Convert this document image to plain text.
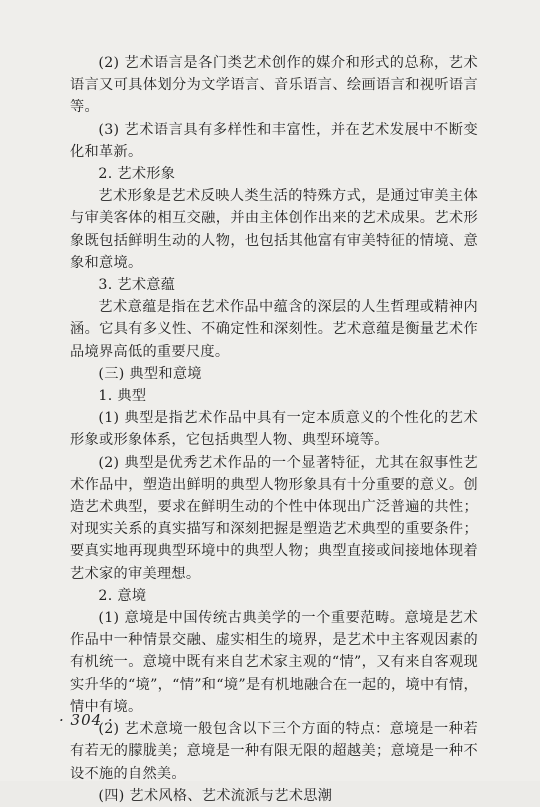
(2) 艺术语言是各门类艺术创作的媒介和形式的总称，艺术语言又可具体划分为文学语言、音乐语言、绘画语言和视听语言等。

(3) 艺术语言具有多样性和丰富性，并在艺术发展中不断变化和革新。

2. 艺术形象

艺术形象是艺术反映人类生活的特殊方式，是通过审美主体与审美客体的相互交融，并由主体创作出来的艺术成果。艺术形象既包括鲜明生动的人物，也包括其他富有审美特征的情境、意象和意境。

3. 艺术意蕴

艺术意蕴是指在艺术作品中蕴含的深层的人生哲理或精神内涵。它具有多义性、不确定性和深刻性。艺术意蕴是衡量艺术作品境界高低的重要尺度。

(三) 典型和意境

1. 典型

(1) 典型是指艺术作品中具有一定本质意义的个性化的艺术形象或形象体系，它包括典型人物、典型环境等。

(2) 典型是优秀艺术作品的一个显著特征，尤其在叙事性艺术作品中，塑造出鲜明的典型人物形象具有十分重要的意义。创造艺术典型，要求在鲜明生动的个性中体现出广泛普遍的共性；对现实关系的真实描写和深刻把握是塑造艺术典型的重要条件；要真实地再现典型环境中的典型人物；典型直接或间接地体现着艺术家的审美理想。

2. 意境

(1) 意境是中国传统古典美学的一个重要范畴。意境是艺术作品中一种情景交融、虚实相生的境界，是艺术中主客观因素的有机统一。意境中既有来自艺术家主观的“情”，又有来自客观现实升华的“境”，“情”和“境”是有机地融合在一起的，境中有情，情中有境。

(2) 艺术意境一般包含以下三个方面的特点：意境是一种若有若无的朦胧美；意境是一种有限无限的超越美；意境是一种不设不施的自然美。

(四) 艺术风格、艺术流派与艺术思潮

· 304 ·
